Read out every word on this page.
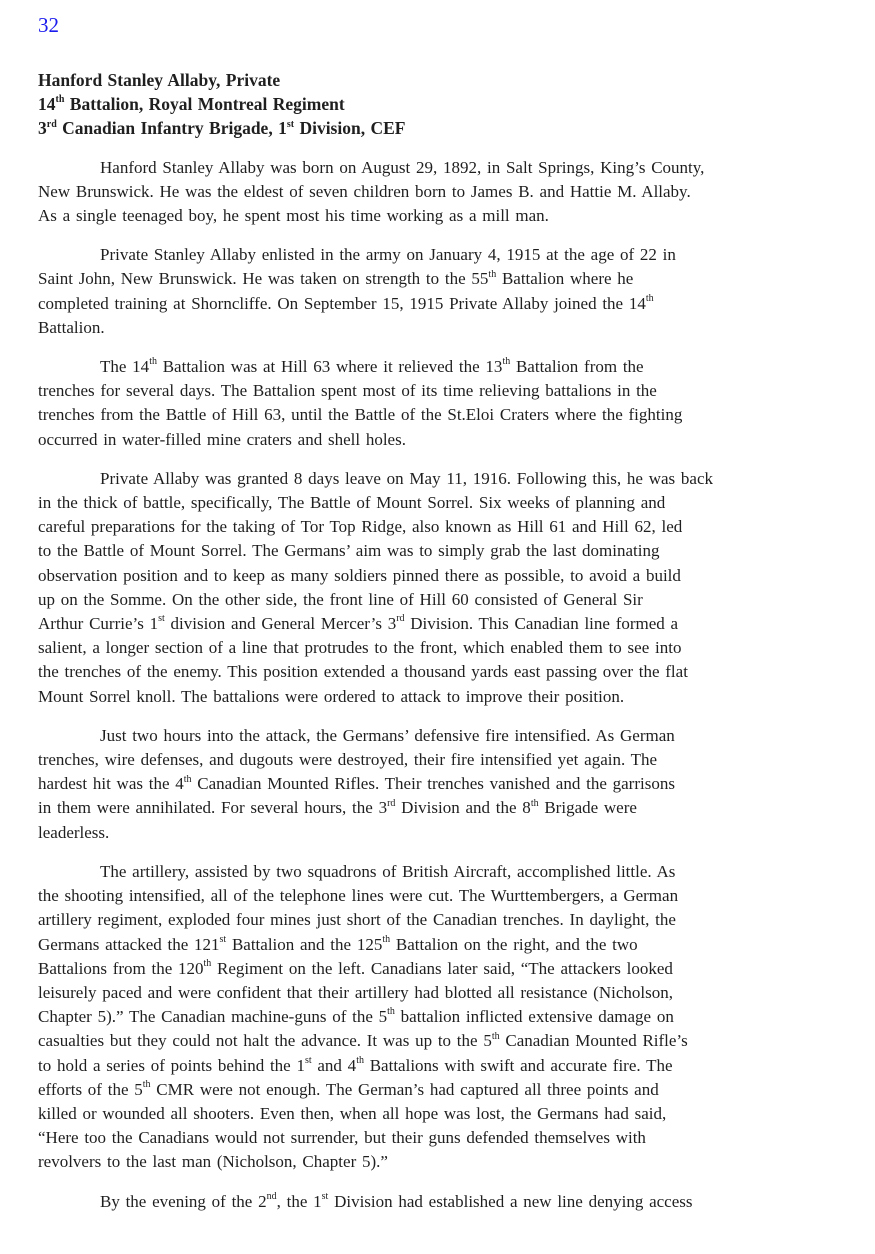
32
Hanford Stanley Allaby, Private
14th Battalion, Royal Montreal Regiment
3rd Canadian Infantry Brigade, 1st Division, CEF
Hanford Stanley Allaby was born on August 29, 1892, in Salt Springs, King’s County,
New Brunswick. He was the eldest of seven children born to James B. and Hattie M. Allaby.
As a single teenaged boy, he spent most his time working as a mill man.
Private Stanley Allaby enlisted in the army on January 4, 1915 at the age of 22 in
Saint John, New Brunswick. He was taken on strength to the 55th Battalion where he
completed training at Shorncliffe. On September 15, 1915 Private Allaby joined the 14th
Battalion.
The 14th Battalion was at Hill 63 where it relieved the 13th Battalion from the
trenches for several days. The Battalion spent most of its time relieving battalions in the
trenches from the Battle of Hill 63, until the Battle of the St.Eloi Craters where the fighting
occurred in water-filled mine craters and shell holes.
Private Allaby was granted 8 days leave on May 11, 1916. Following this, he was back
in the thick of battle, specifically, The Battle of Mount Sorrel. Six weeks of planning and
careful preparations for the taking of Tor Top Ridge, also known as Hill 61 and Hill 62, led
to the Battle of Mount Sorrel. The Germans’ aim was to simply grab the last dominating
observation position and to keep as many soldiers pinned there as possible, to avoid a build
up on the Somme. On the other side, the front line of Hill 60 consisted of General Sir
Arthur Currie’s 1st division and General Mercer’s 3rd Division. This Canadian line formed a
salient, a longer section of a line that protrudes to the front, which enabled them to see into
the trenches of the enemy. This position extended a thousand yards east passing over the flat
Mount Sorrel knoll. The battalions were ordered to attack to improve their position.
Just two hours into the attack, the Germans’ defensive fire intensified. As German
trenches, wire defenses, and dugouts were destroyed, their fire intensified yet again. The
hardest hit was the 4th Canadian Mounted Rifles. Their trenches vanished and the garrisons
in them were annihilated. For several hours, the 3rd Division and the 8th Brigade were
leaderless.
The artillery, assisted by two squadrons of British Aircraft, accomplished little. As
the shooting intensified, all of the telephone lines were cut. The Wurttembergers, a German
artillery regiment, exploded four mines just short of the Canadian trenches. In daylight, the
Germans attacked the 121st Battalion and the 125th Battalion on the right, and the two
Battalions from the 120th Regiment on the left. Canadians later said, “The attackers looked
leisurely paced and were confident that their artillery had blotted all resistance (Nicholson,
Chapter 5).” The Canadian machine-guns of the 5th battalion inflicted extensive damage on
casualties but they could not halt the advance. It was up to the 5th Canadian Mounted Rifle’s
to hold a series of points behind the 1st and 4th Battalions with swift and accurate fire. The
efforts of the 5th CMR were not enough. The German’s had captured all three points and
killed or wounded all shooters. Even then, when all hope was lost, the Germans had said,
“Here too the Canadians would not surrender, but their guns defended themselves with
revolvers to the last man (Nicholson, Chapter 5).”
By the evening of the 2nd, the 1st Division had established a new line denying access
